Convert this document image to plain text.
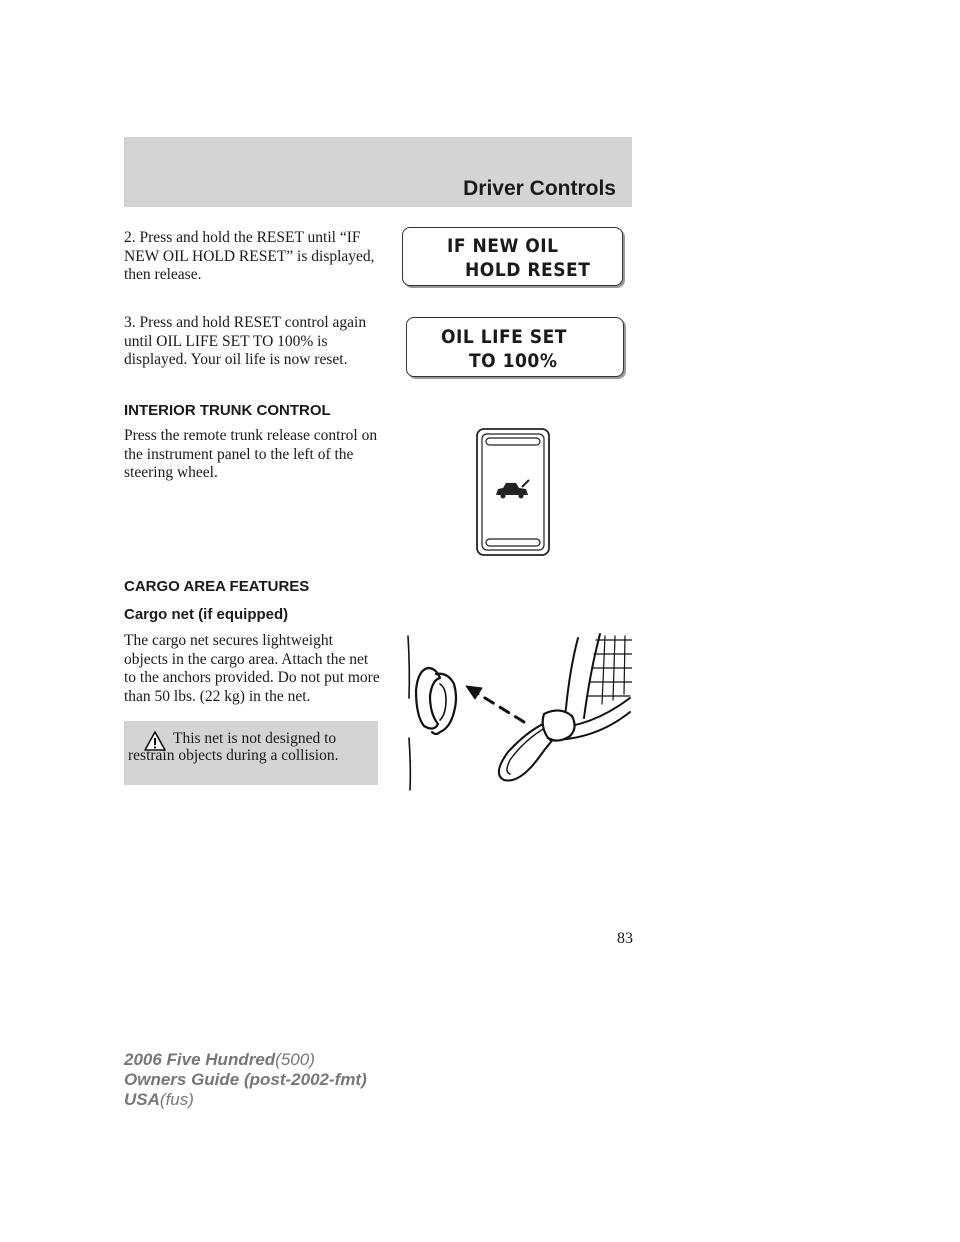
Driver Controls

2. Press and hold the RESET until “IF NEW OIL HOLD RESET” is displayed, then release.

IF NEW OIL

HOLD RESET

3. Press and hold RESET control again until OIL LIFE SET TO 100% is displayed. Your oil life is now reset.

OIL LIFE SET

TO 100%

INTERIOR TRUNK CONTROL

Press the remote trunk release control on the instrument panel to the left of the steering wheel.

CARGO AREA FEATURES
Cargo net (if equipped)

The cargo net secures lightweight objects in the cargo area. Attach the net to the anchors provided. Do not put more than 50 lbs. (22 kg) in the net.

This net is not designed to restrain objects during a collision.

83

2006 Five Hundred(500)
Owners Guide (post-2002-fmt)
USA(fus)
